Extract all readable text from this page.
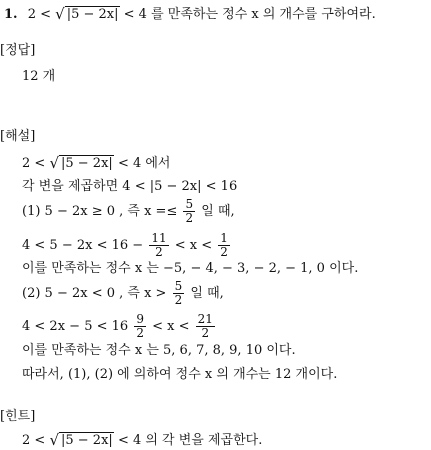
1. 2 < √ |5 − 2x| < 4 를 만족하는 정수 x 의 개수를 구하여라.
[정답]
12 개
[해설]
2 < √ |5 − 2x| < 4 에서
각 변을 제곱하면 4 < |5 − 2x| < 16
(1) 5 − 2x ≥ 0 , 즉 $x =\le \frac{5}{2}$ 일 때,
$4 < 5 - 2x < 16 - \frac{11}{2} < x < \frac{1}{2}$
이를 만족하는 정수 x 는 −5, − 4, − 3, − 2, − 1, 0 이다.
(2) 5 − 2x < 0 , 즉 $x > \frac{5}{2}$ 일 때,
$4 < 2x - 5 < 16 \frac{9}{2} < x < \frac{21}{2}$
이를 만족하는 정수 x 는 5, 6, 7, 8, 9, 10 이다.
따라서, (1), (2) 에 의하여 정수 x 의 개수는 12 개이다.
[힌트]
2 < √ |5 − 2x| < 4 의 각 변을 제곱한다.
